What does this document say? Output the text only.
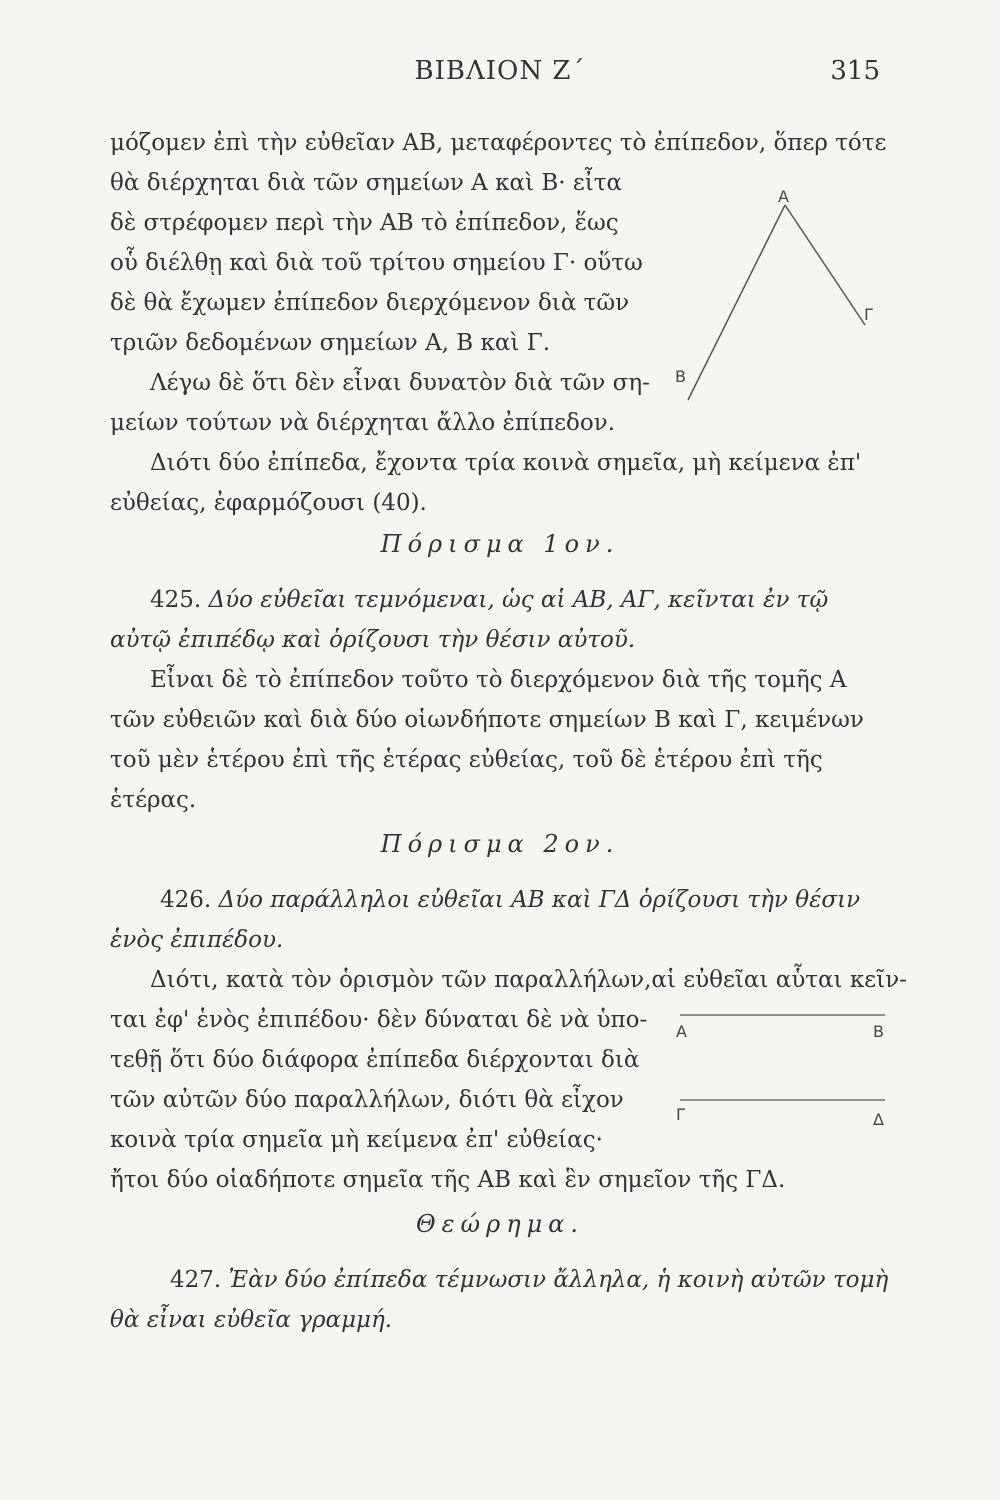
ΒΙΒΛΙΟΝ Ζ΄	315
μόζομεν ἐπὶ τὴν εὐθεῖαν ΑΒ, μεταφέροντες τὸ ἐπίπεδον, ὅπερ τότε
θὰ διέρχηται διὰ τῶν σημείων Α καὶ Β· εἶτα
δὲ στρέφομεν περὶ τὴν ΑΒ τὸ ἐπίπεδον, ἕως
οὗ διέλθῃ καὶ διὰ τοῦ τρίτου σημείου Γ· οὕτω
δὲ θὰ ἔχωμεν ἐπίπεδον διερχόμενον διὰ τῶν
τριῶν δεδομένων σημείων Α, Β καὶ Γ.
Λέγω δὲ ὅτι δὲν εἶναι δυνατὸν διὰ τῶν ση-
μείων τούτων νὰ διέρχηται ἄλλο ἐπίπεδον.
Διότι δύο ἐπίπεδα, ἔχοντα τρία κοινὰ σημεῖα, μὴ κείμενα ἐπ'
εὐθείας, ἐφαρμόζουσι (40).
Α
Β
Γ
Πόρισμα 1ον.
425. Δύο εὐθεῖαι τεμνόμεναι, ὡς αἱ ΑΒ, ΑΓ, κεῖνται ἐν τῷ
αὐτῷ ἐπιπέδῳ καὶ ὁρίζουσι τὴν θέσιν αὐτοῦ.
Εἶναι δὲ τὸ ἐπίπεδον τοῦτο τὸ διερχόμενον διὰ τῆς τομῆς Α
τῶν εὐθειῶν καὶ διὰ δύο οἱωνδήποτε σημείων Β καὶ Γ, κειμένων
τοῦ μὲν ἑτέρου ἐπὶ τῆς ἑτέρας εὐθείας, τοῦ δὲ ἑτέρου ἐπὶ τῆς
ἑτέρας.
Πόρισμα 2ον.
426. Δύο παράλληλοι εὐθεῖαι ΑΒ καὶ ΓΔ ὁρίζουσι τὴν θέσιν
ἑνὸς ἐπιπέδου.
Διότι, κατὰ τὸν ὁρισμὸν τῶν παραλλήλων,αἱ εὐθεῖαι αὗται κεῖν-
ται ἐφ' ἑνὸς ἐπιπέδου· δὲν δύναται δὲ νὰ ὑπο-
τεθῇ ὅτι δύο διάφορα ἐπίπεδα διέρχονται διὰ
τῶν αὐτῶν δύο παραλλήλων, διότι θὰ εἶχον
κοινὰ τρία σημεῖα μὴ κείμενα ἐπ' εὐθείας·
ἤτοι δύο οἱαδήποτε σημεῖα τῆς ΑΒ καὶ ἓν σημεῖον τῆς ΓΔ.
Α	Β
Γ	Δ
Θεώρημα.
427. Ἐὰν δύο ἐπίπεδα τέμνωσιν ἄλληλα, ἡ κοινὴ αὐτῶν τομὴ
θὰ εἶναι εὐθεῖα γραμμή.
